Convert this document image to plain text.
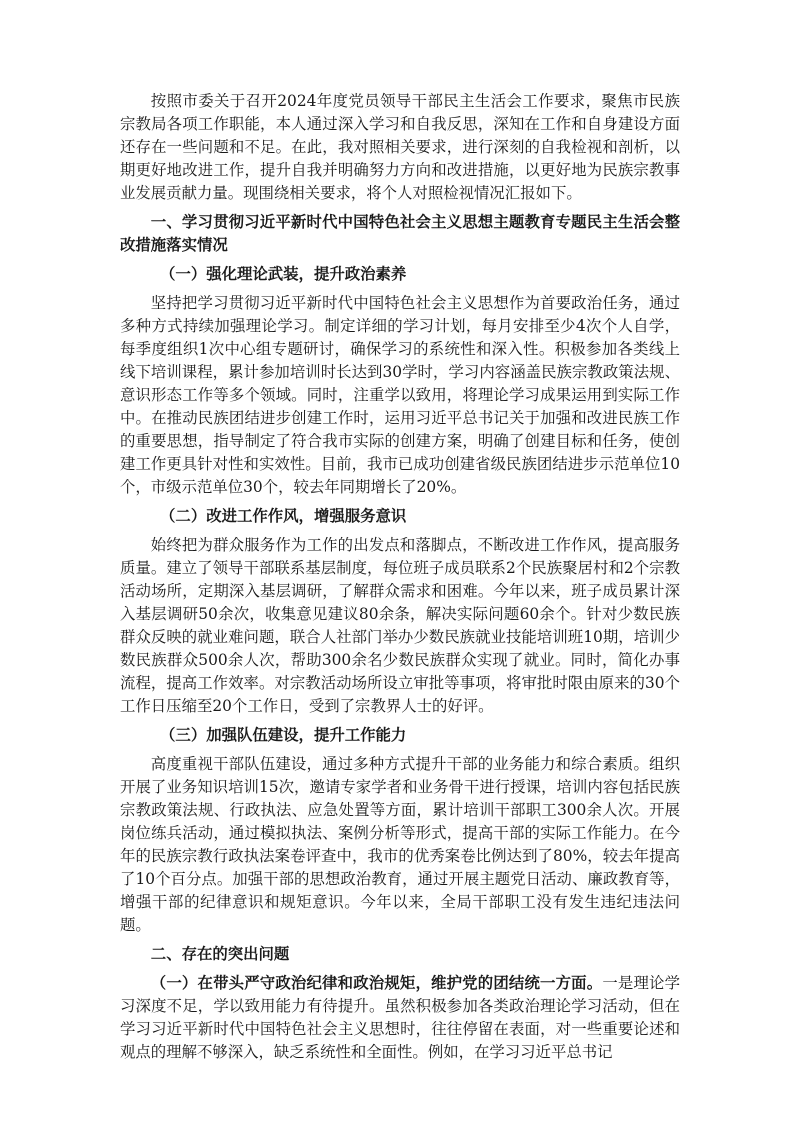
按照市委关于召开2024年度党员领导干部民主生活会工作要求，聚焦市民族宗教局各项工作职能，本人通过深入学习和自我反思，深知在工作和自身建设方面还存在一些问题和不足。在此，我对照相关要求，进行深刻的自我检视和剖析，以期更好地改进工作，提升自我并明确努力方向和改进措施，以更好地为民族宗教事业发展贡献力量。现围绕相关要求，将个人对照检视情况汇报如下。

一、学习贯彻习近平新时代中国特色社会主义思想主题教育专题民主生活会整改措施落实情况

（一）强化理论武装，提升政治素养

坚持把学习贯彻习近平新时代中国特色社会主义思想作为首要政治任务，通过多种方式持续加强理论学习。制定详细的学习计划，每月安排至少4次个人自学，每季度组织1次中心组专题研讨，确保学习的系统性和深入性。积极参加各类线上线下培训课程，累计参加培训时长达到30学时，学习内容涵盖民族宗教政策法规、意识形态工作等多个领域。同时，注重学以致用，将理论学习成果运用到实际工作中。在推动民族团结进步创建工作时，运用习近平总书记关于加强和改进民族工作的重要思想，指导制定了符合我市实际的创建方案，明确了创建目标和任务，使创建工作更具针对性和实效性。目前，我市已成功创建省级民族团结进步示范单位10个，市级示范单位30个，较去年同期增长了20%。

（二）改进工作作风，增强服务意识

始终把为群众服务作为工作的出发点和落脚点，不断改进工作作风，提高服务质量。建立了领导干部联系基层制度，每位班子成员联系2个民族聚居村和2个宗教活动场所，定期深入基层调研，了解群众需求和困难。今年以来，班子成员累计深入基层调研50余次，收集意见建议80余条，解决实际问题60余个。针对少数民族群众反映的就业难问题，联合人社部门举办少数民族就业技能培训班10期，培训少数民族群众500余人次，帮助300余名少数民族群众实现了就业。同时，简化办事流程，提高工作效率。对宗教活动场所设立审批等事项，将审批时限由原来的30个工作日压缩至20个工作日，受到了宗教界人士的好评。

（三）加强队伍建设，提升工作能力

高度重视干部队伍建设，通过多种方式提升干部的业务能力和综合素质。组织开展了业务知识培训15次，邀请专家学者和业务骨干进行授课，培训内容包括民族宗教政策法规、行政执法、应急处置等方面，累计培训干部职工300余人次。开展岗位练兵活动，通过模拟执法、案例分析等形式，提高干部的实际工作能力。在今年的民族宗教行政执法案卷评查中，我市的优秀案卷比例达到了80%，较去年提高了10个百分点。加强干部的思想政治教育，通过开展主题党日活动、廉政教育等，增强干部的纪律意识和规矩意识。今年以来，全局干部职工没有发生违纪违法问题。

二、存在的突出问题

（一）在带头严守政治纪律和政治规矩，维护党的团结统一方面。一是理论学习深度不足，学以致用能力有待提升。虽然积极参加各类政治理论学习活动，但在学习习近平新时代中国特色社会主义思想时，往往停留在表面，对一些重要论述和观点的理解不够深入，缺乏系统性和全面性。例如，在学习习近平总书记
